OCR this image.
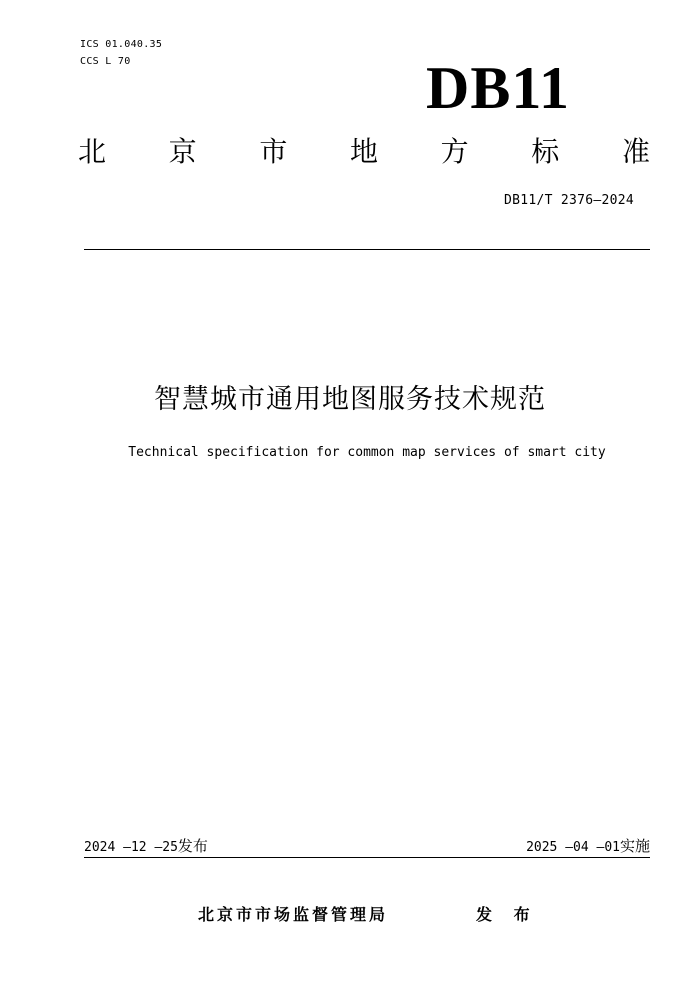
ICS 01.040.35
CCS L 70	DB11
北 京 市 地 方 标 准
DB11/T 2376—2024
智慧城市通用地图服务技术规范
Technical specification for common map services of smart city
2024 —12 —25发布	2025 —04 —01实施
北京市市场监督管理局	发 布
